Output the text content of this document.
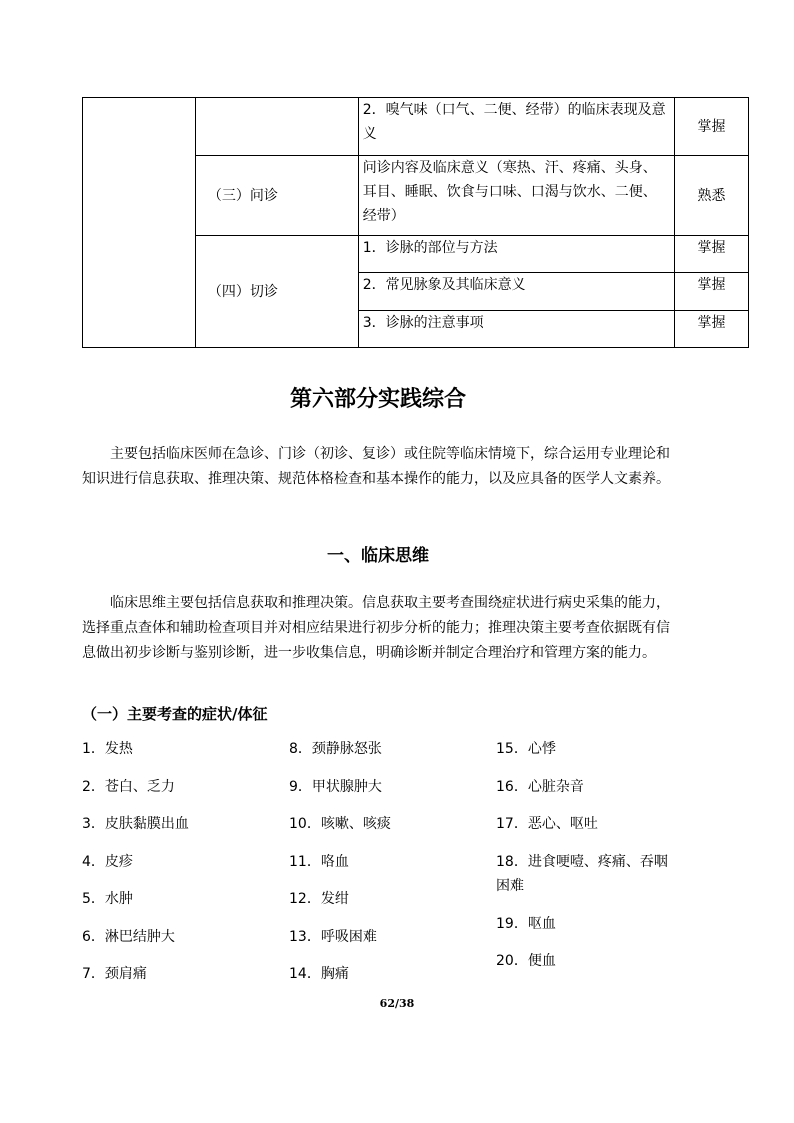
		2．嗅气味（口气、二便、经带）的临床表现及意义	掌握
	（三）问诊	问诊内容及临床意义（寒热、汗、疼痛、头身、耳目、睡眠、饮食与口味、口渴与饮水、二便、经带）	熟悉
	（四）切诊	1．诊脉的部位与方法	掌握
		2．常见脉象及其临床意义	掌握
		3．诊脉的注意事项	掌握
第六部分实践综合
主要包括临床医师在急诊、门诊（初诊、复诊）或住院等临床情境下，综合运用专业理论和知识进行信息获取、推理决策、规范体格检查和基本操作的能力，以及应具备的医学人文素养。
一、临床思维
临床思维主要包括信息获取和推理决策。信息获取主要考查围绕症状进行病史采集的能力，选择重点查体和辅助检查项目并对相应结果进行初步分析的能力；推理决策主要考查依据既有信息做出初步诊断与鉴别诊断，进一步收集信息，明确诊断并制定合理治疗和管理方案的能力。
（一）主要考查的症状/体征
1．发热
2．苍白、乏力
3．皮肤黏膜出血
4．皮疹
5．水肿
6．淋巴结肿大
7．颈肩痛
8．颈静脉怒张
9．甲状腺肿大
10．咳嗽、咳痰
11．咯血
12．发绀
13．呼吸困难
14．胸痛
15．心悸
16．心脏杂音
17．恶心、呕吐
18．进食哽噎、疼痛、吞咽困难
19．呕血
20．便血
62/38
